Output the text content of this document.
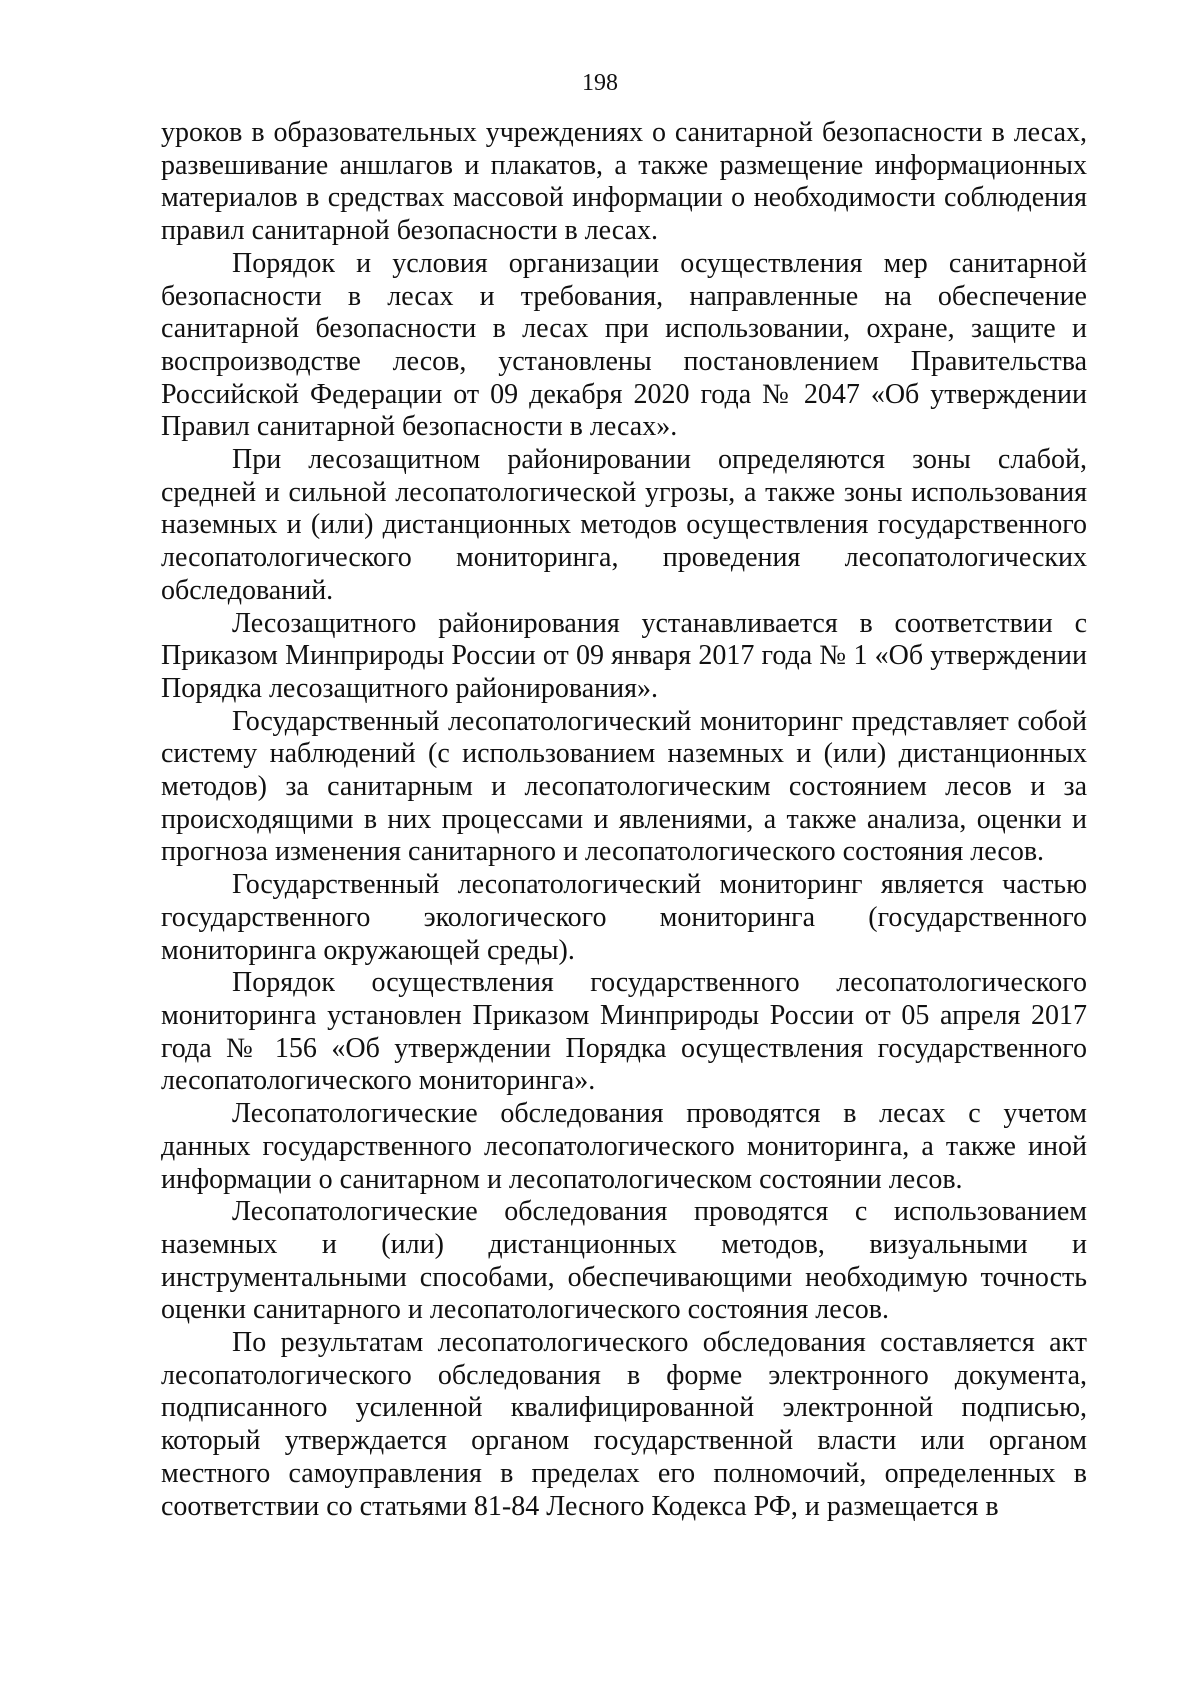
198

уроков в образовательных учреждениях о санитарной безопасности в лесах, развешивание аншлагов и плакатов, а также размещение информационных материалов в средствах массовой информации о необходимости соблюдения правил санитарной безопасности в лесах.

Порядок и условия организации осуществления мер санитарной безопасности в лесах и требования, направленные на обеспечение санитарной безопасности в лесах при использовании, охране, защите и воспроизводстве лесов, установлены постановлением Правительства Российской Федерации от 09 декабря 2020 года № 2047 «Об утверждении Правил санитарной безопасности в лесах».

При лесозащитном районировании определяются зоны слабой, средней и сильной лесопатологической угрозы, а также зоны использования наземных и (или) дистанционных методов осуществления государственного лесопатологического мониторинга, проведения лесопатологических обследований.

Лесозащитного районирования устанавливается в соответствии с Приказом Минприроды России от 09 января 2017 года № 1 «Об утверждении Порядка лесозащитного районирования».

Государственный лесопатологический мониторинг представляет собой систему наблюдений (с использованием наземных и (или) дистанционных методов) за санитарным и лесопатологическим состоянием лесов и за происходящими в них процессами и явлениями, а также анализа, оценки и прогноза изменения санитарного и лесопатологического состояния лесов.

Государственный лесопатологический мониторинг является частью государственного экологического мониторинга (государственного мониторинга окружающей среды).

Порядок осуществления государственного лесопатологического мониторинга установлен Приказом Минприроды России от 05 апреля 2017 года № 156 «Об утверждении Порядка осуществления государственного лесопатологического мониторинга».

Лесопатологические обследования проводятся в лесах с учетом данных государственного лесопатологического мониторинга, а также иной информации о санитарном и лесопатологическом состоянии лесов.

Лесопатологические обследования проводятся с использованием наземных и (или) дистанционных методов, визуальными и инструментальными способами, обеспечивающими необходимую точность оценки санитарного и лесопатологического состояния лесов.

По результатам лесопатологического обследования составляется акт лесопатологического обследования в форме электронного документа, подписанного усиленной квалифицированной электронной подписью, который утверждается органом государственной власти или органом местного самоуправления в пределах его полномочий, определенных в соответствии со статьями 81-84 Лесного Кодекса РФ, и размещается в
